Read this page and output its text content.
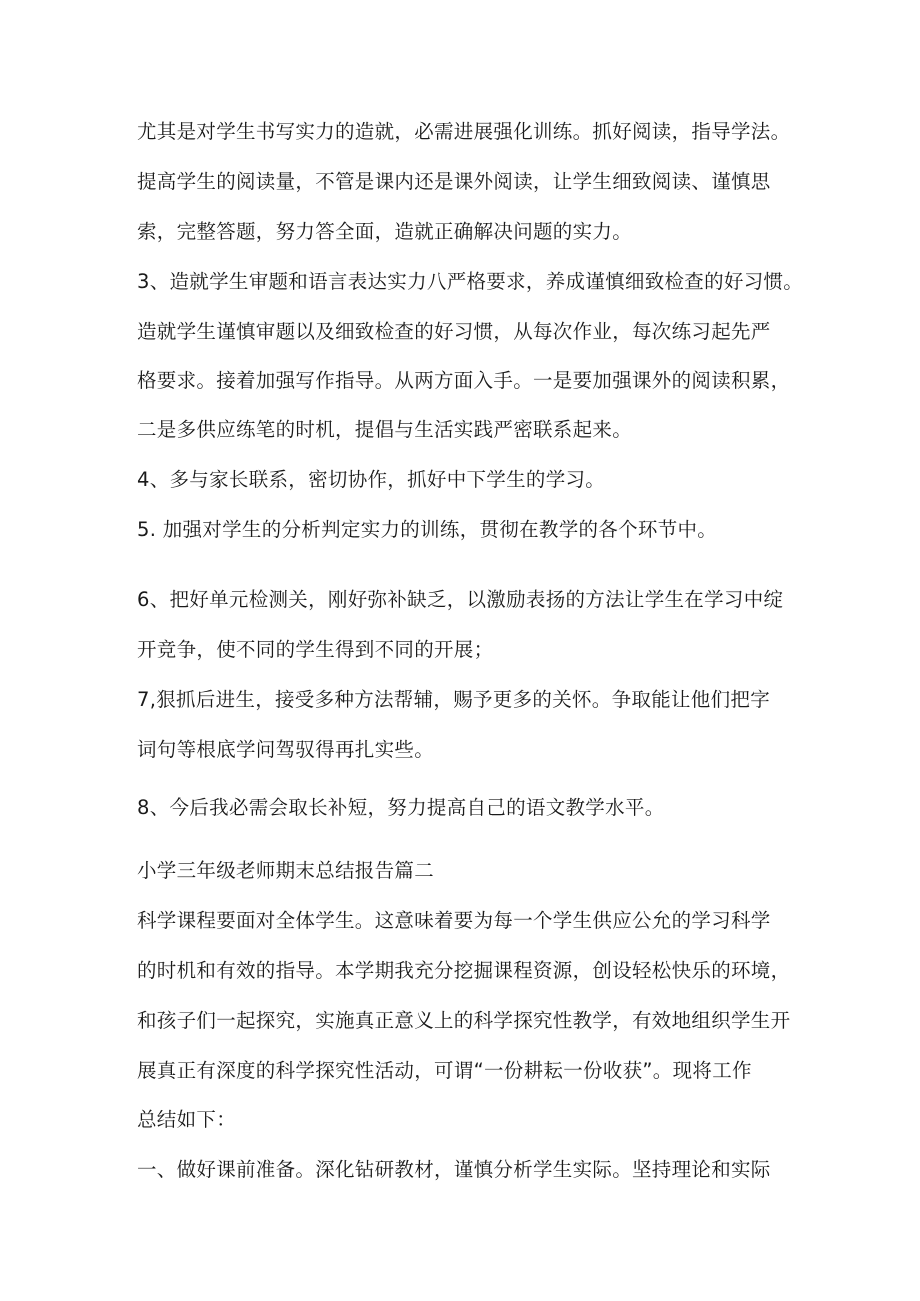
尤其是对学生书写实力的造就，必需进展强化训练。抓好阅读，指导学法。
提高学生的阅读量，不管是课内还是课外阅读，让学生细致阅读、谨慎思
索，完整答题，努力答全面，造就正确解决问题的实力。
3、造就学生审题和语言表达实力八严格要求，养成谨慎细致检查的好习惯。
造就学生谨慎审题以及细致检查的好习惯，从每次作业，每次练习起先严
格要求。接着加强写作指导。从两方面入手。一是要加强课外的阅读积累，
二是多供应练笔的时机，提倡与生活实践严密联系起来。
4、多与家长联系，密切协作，抓好中下学生的学习。
5. 加强对学生的分析判定实力的训练，贯彻在教学的各个环节中。
6、把好单元检测关，刚好弥补缺乏，以激励表扬的方法让学生在学习中绽
开竞争，使不同的学生得到不同的开展；
7,狠抓后进生，接受多种方法帮辅，赐予更多的关怀。争取能让他们把字
词句等根底学问驾驭得再扎实些。
8、今后我必需会取长补短，努力提高自己的语文教学水平。
小学三年级老师期末总结报告篇二
科学课程要面对全体学生。这意味着要为每一个学生供应公允的学习科学
的时机和有效的指导。本学期我充分挖掘课程资源，创设轻松快乐的环境，
和孩子们一起探究，实施真正意义上的科学探究性教学，有效地组织学生开
展真正有深度的科学探究性活动，可谓“一份耕耘一份收获”。现将工作
总结如下：
一、做好课前准备。深化钻研教材，谨慎分析学生实际。坚持理论和实际
